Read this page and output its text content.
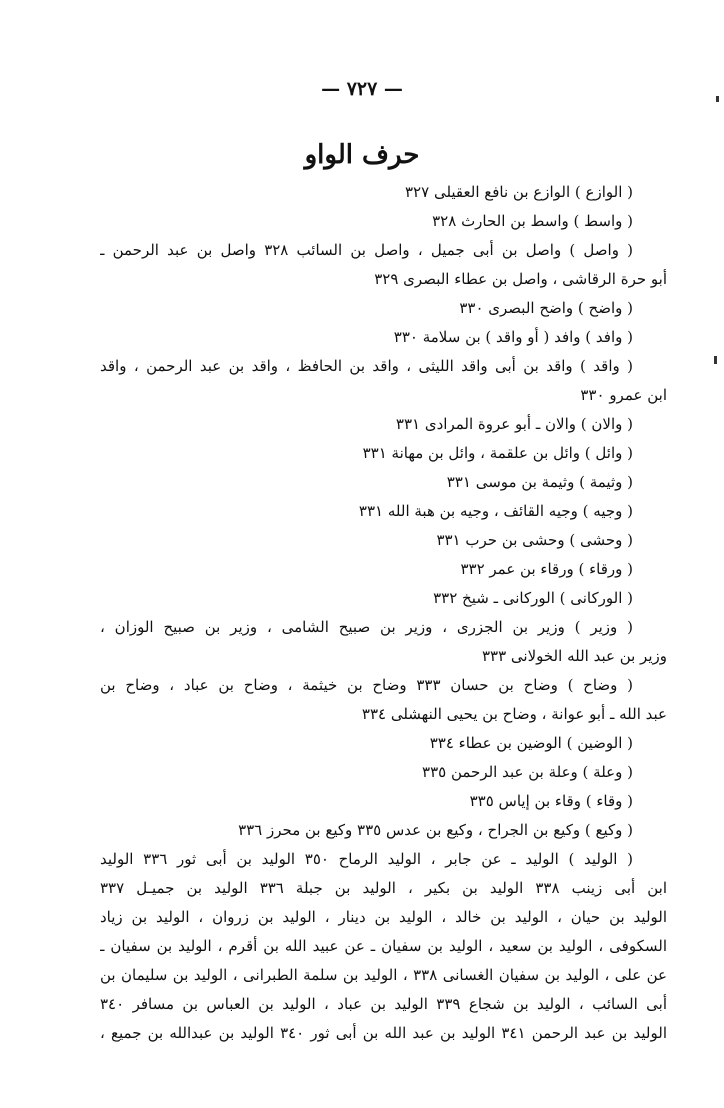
— ٧٢٧ —
حرف الواو
( الوازع ) الوازع بن نافع العقيلى ٣٢٧
( واسط ) واسط بن الحارث ٣٢٨
( واصل ) واصل بن أبى جميل ، واصل بن السائب ٣٢٨ واصل بن عبد الرحمن ـ
أبو حرة الرقاشى ، واصل بن عطاء البصرى ٣٢٩
( واضح ) واضح البصرى ٣٣٠
( وافد ) وافد ( أو واقد ) بن سلامة ٣٣٠
( واقد ) واقد بن أبى واقد الليثى ، واقد بن الحافظ ، واقد بن عبد الرحمن ، واقد
ابن عمرو ٣٣٠
( والان ) والان ـ أبو عروة المرادى ٣٣١
( وائل ) وائل بن علقمة ، وائل بن مهانة ٣٣١
( وثيمة ) وثيمة بن موسى ٣٣١
( وجيه ) وجيه القائف ، وجيه بن هبة الله ٣٣١
( وحشى ) وحشى بن حرب ٣٣١
( ورقاء ) ورقاء بن عمر ٣٣٢
( الوركانى ) الوركانى ـ شيخ ٣٣٢
( وزير ) وزير بن الجزرى ، وزير بن صبيح الشامى ، وزير بن صبيح الوزان ،
وزير بن عبد الله الخولانى ٣٣٣
( وضاح ) وضاح بن حسان ٣٣٣ وضاح بن خيثمة ، وضاح بن عباد ، وضاح بن
عبد الله ـ أبو عوانة ، وضاح بن يحيى النهشلى ٣٣٤
( الوضين ) الوضين بن عطاء ٣٣٤
( وعلة ) وعلة بن عبد الرحمن ٣٣٥
( وقاء ) وقاء بن إياس ٣٣٥
( وكيع ) وكيع بن الجراح ، وكيع بن عدس ٣٣٥ وكيع بن محرز ٣٣٦
( الوليد ) الوليد ـ عن جابر ، الوليد الرماح ٣٥٠ الوليد بن أبى ثور ٣٣٦ الوليد
ابن أبى زينب ٣٣٨ الوليد بن بكير ، الوليد بن جبلة ٣٣٦ الوليد بن جميـل ٣٣٧
الوليد بن حيان ، الوليد بن خالد ، الوليد بن دينار ، الوليد بن زروان ، الوليد بن زياد
السكوفى ، الوليد بن سعيد ، الوليد بن سفيان ـ عن عبيد الله بن أقرم ، الوليد بن سفيان ـ
عن على ، الوليد بن سفيان الغسانى ٣٣٨ ، الوليد بن سلمة الطبرانى ، الوليد بن سليمان بن
أبى السائب ، الوليد بن شجاع ٣٣٩ الوليد بن عباد ، الوليد بن العباس بن مسافر ٣٤٠
الوليد بن عبد الرحمن ٣٤١ الوليد بن عبد الله بن أبى ثور ٣٤٠ الوليد بن عبدالله بن جميع ،
